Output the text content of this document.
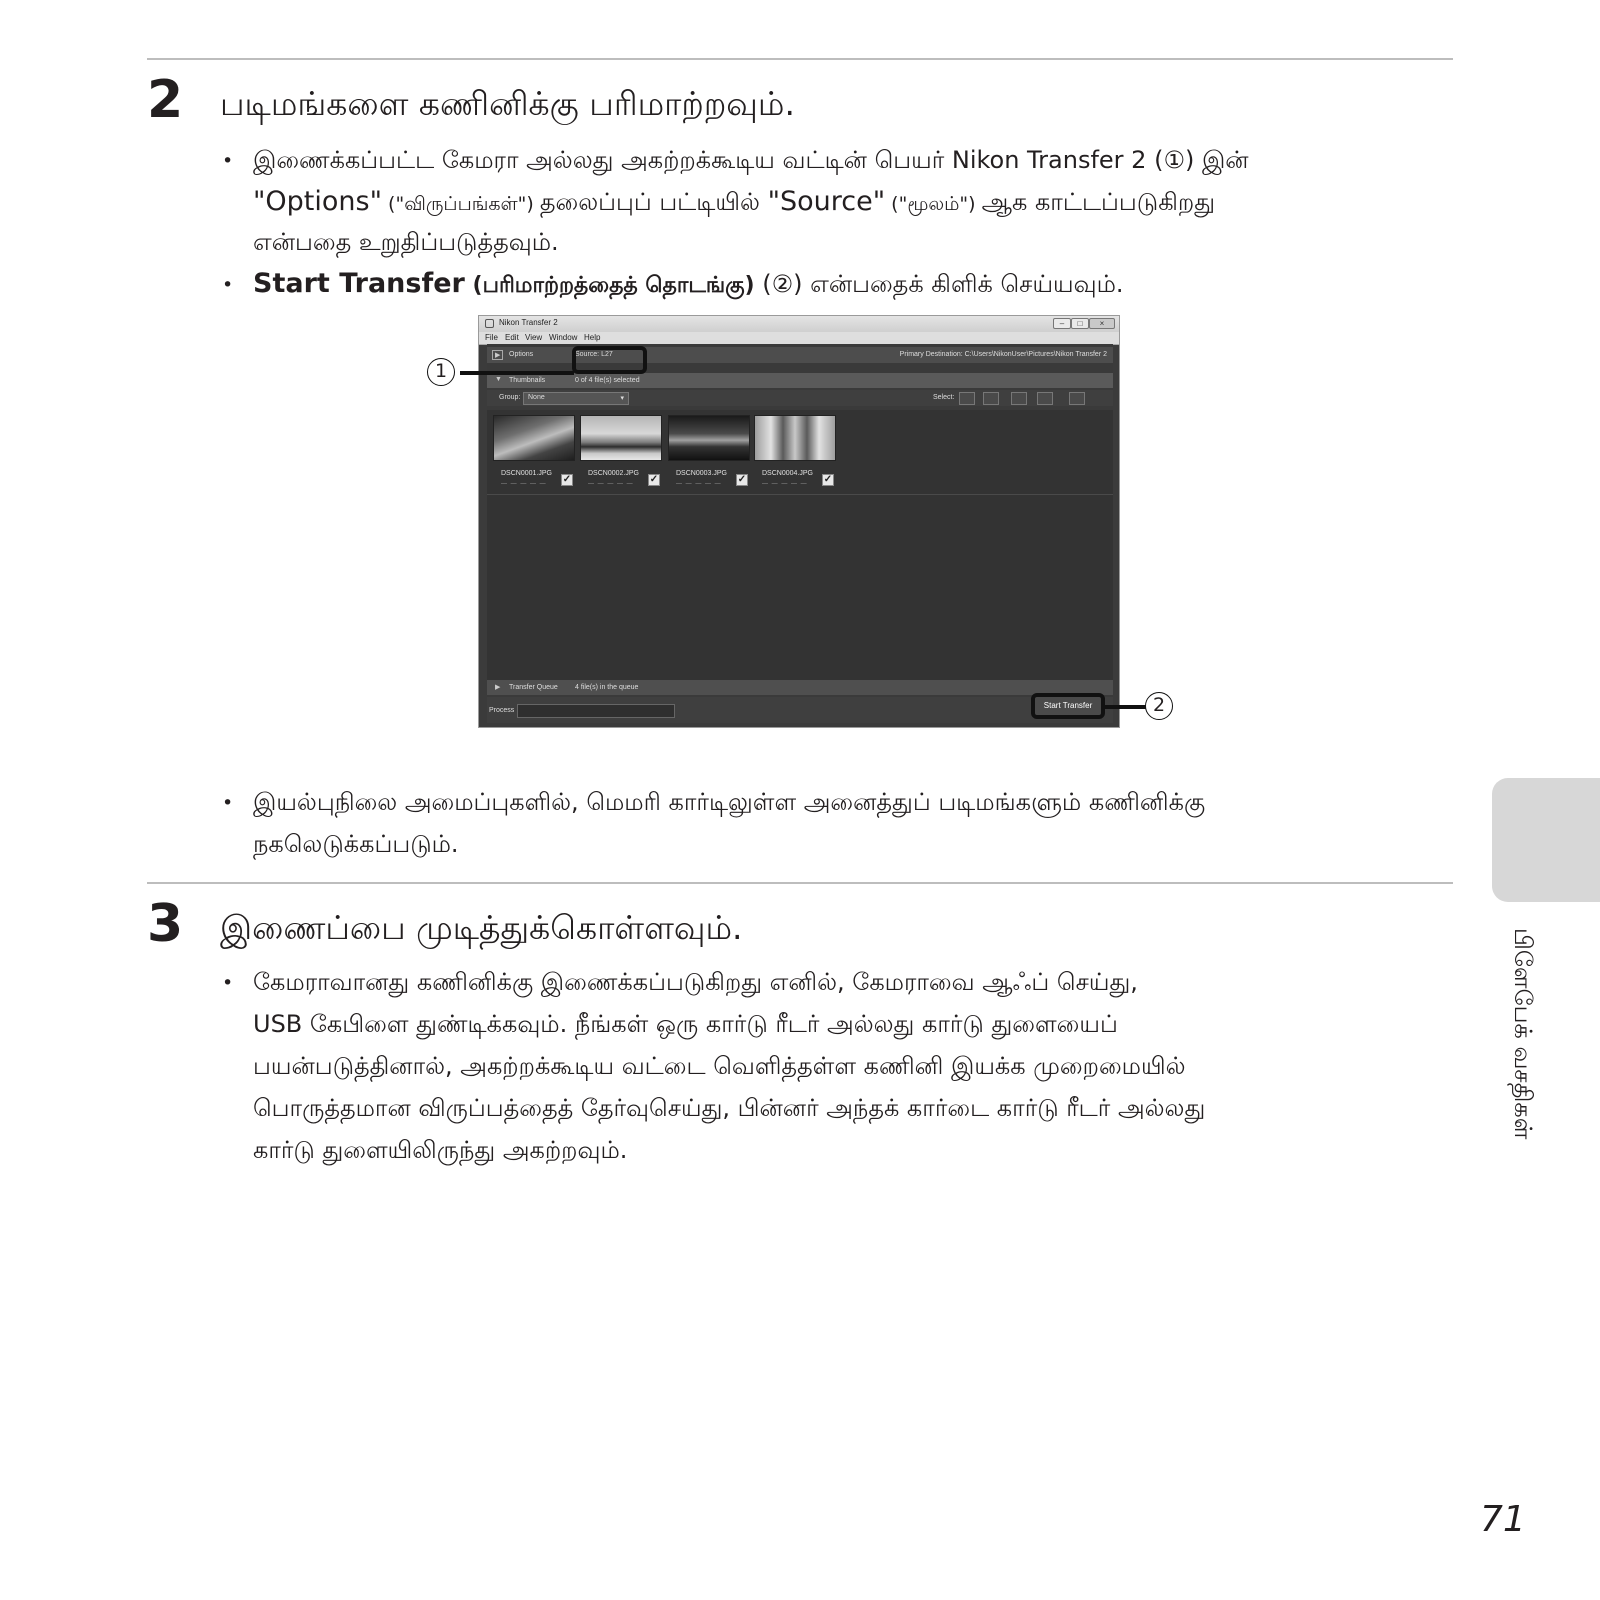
2 படிமங்களை கணினிக்கு பரிமாற்றவும்.
• இணைக்கப்பட்ட கேமரா அல்லது அகற்றக்கூடிய வட்டின் பெயர் Nikon Transfer 2 (①) இன்
"Options" ("விருப்பங்கள்") தலைப்புப் பட்டியில் "Source" ("மூலம்") ஆக காட்டப்படுகிறது
என்பதை உறுதிப்படுத்தவும்.
• Start Transfer (பரிமாற்றத்தைத் தொடங்கு) (②) என்பதைக் கிளிக் செய்யவும்.
Nikon Transfer 2	–	□	×
File Edit View Window Help
▶	Options	Source: L27	Primary Destination: C:\Users\NikonUser\Pictures\Nikon Transfer 2
▼ Thumbnails	0 of 4 file(s) selected
Group: None	▾	Select:
DSCN0001.JPG	DSCN0002.JPG	DSCN0003.JPG	DSCN0004.JPG
— — — — —	— — — — —	— — — — —	— — — — —
✓	✓	✓	✓
▶ Transfer Queue 4 file(s) in the queue
Process
1
Start Transfer	2
• இயல்புநிலை அமைப்புகளில், மெமரி கார்டிலுள்ள அனைத்துப் படிமங்களும் கணினிக்கு
நகலெடுக்கப்படும்.
3 இணைப்பை முடித்துக்கொள்ளவும்.
• கேமராவானது கணினிக்கு இணைக்கப்படுகிறது எனில், கேமராவை ஆஃப் செய்து,
USB கேபிளை துண்டிக்கவும். நீங்கள் ஒரு கார்டு ரீடர் அல்லது கார்டு துளையைப்
பயன்படுத்தினால், அகற்றக்கூடிய வட்டை வெளித்தள்ள கணினி இயக்க முறைமையில்
பொருத்தமான விருப்பத்தைத் தேர்வுசெய்து, பின்னர் அந்தக் கார்டை கார்டு ரீடர் அல்லது
கார்டு துளையிலிருந்து அகற்றவும்.
பிளேபேக் வசதிகள்
71
